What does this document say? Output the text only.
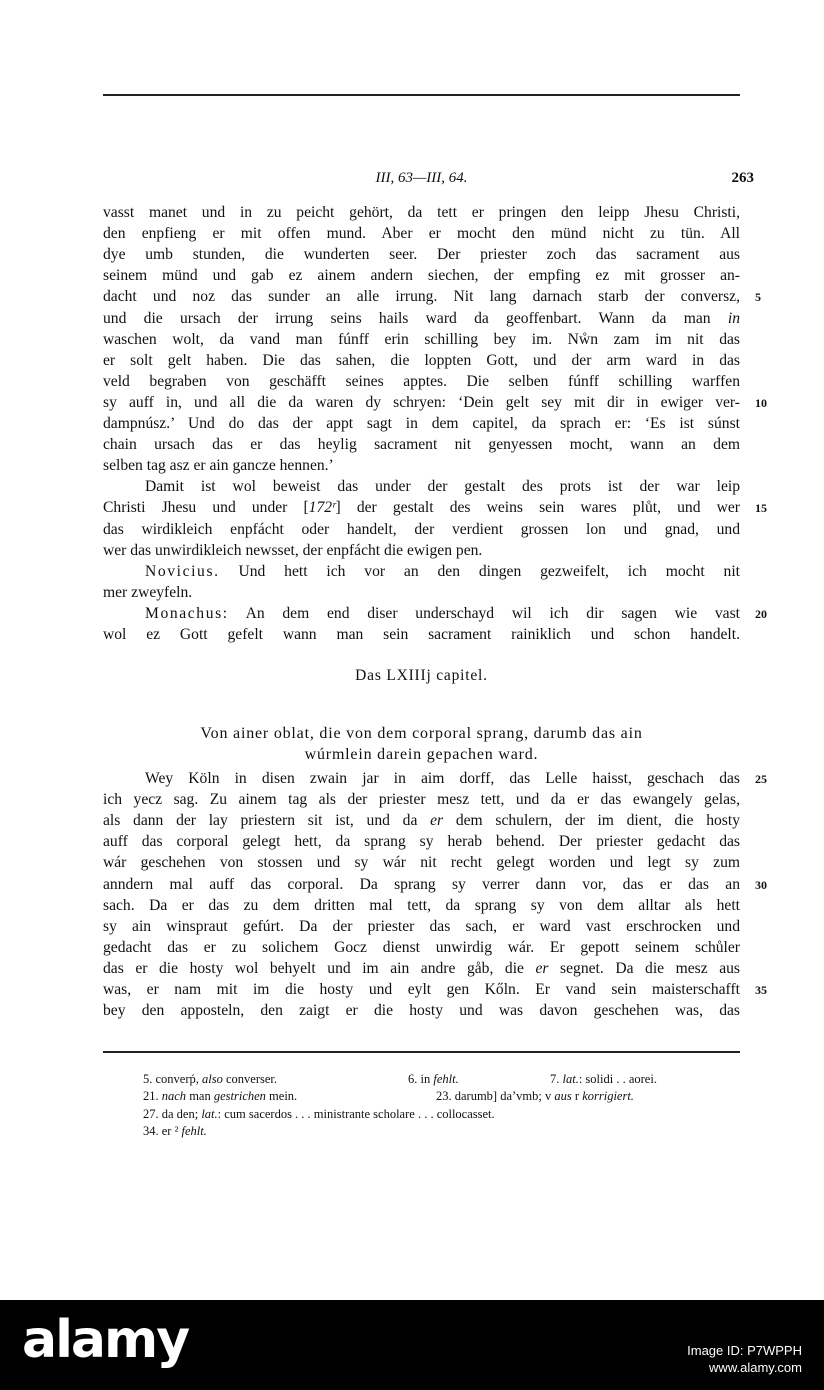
III, 63—III, 64.	263
vasst manet und in zu peicht gehört, da tett er pringen den leipp Jhesu Christi,
den enpfieng er mit offen mund. Aber er mocht den münd nicht zu tün. All
dye umb stunden, die wunderten seer. Der priester zoch das sacrament aus
seinem münd und gab ez ainem andern siechen, der empfing ez mit grosser an-
dacht und noz das sunder an alle irrung. Nit lang darnach starb der conversz, 5
und die ursach der irrung seins hails ward da geoffenbart. Wann da man in
waschen wolt, da vand man fúnff erin schilling bey im. Nẘn zam im nit das
er solt gelt haben. Die das sahen, die loppten Gott, und der arm ward in das
veld begraben von geschäfft seines apptes. Die selben fúnff schilling warffen
sy auff in, und all die da waren dy schryen: ‘Dein gelt sey mit dir in ewiger ver- 10
dampnúsz.’ Und do das der appt sagt in dem capitel, da sprach er: ‘Es ist súnst
chain ursach das er das heylig sacrament nit genyessen mocht, wann an dem
selben tag asz er ain gancze hennen.’
Damit ist wol beweist das under der gestalt des prots ist der war leip
Christi Jhesu und under [172ʳ] der gestalt des weins sein wares plůt, und wer 15
das wirdikleich enpfácht oder handelt, der verdient grossen lon und gnad, und
wer das unwirdikleich newsset, der enpfácht die ewigen pen.
Novicius. Und hett ich vor an den dingen gezweifelt, ich mocht nit
mer zweyfeln.
Monachus: An dem end diser underschayd wil ich dir sagen wie vast 20
wol ez Gott gefelt wann man sein sacrament rainiklich und schon handelt.
Das LXIIIj capitel.
Von ainer oblat, die von dem corporal sprang, darumb das ain
wúrmlein darein gepachen ward.
Wey Köln in disen zwain jar in aim dorff, das Lelle haisst, geschach das 25
ich yecz sag. Zu ainem tag als der priester mesz tett, und da er das ewangely gelas,
als dann der lay priestern sit ist, und da er dem schulern, der im dient, die hosty
auff das corporal gelegt hett, da sprang sy herab behend. Der priester gedacht das
wár geschehen von stossen und sy wár nit recht gelegt worden und legt sy zum
anndern mal auff das corporal. Da sprang sy verrer dann vor, das er das an 30
sach. Da er das zu dem dritten mal tett, da sprang sy von dem alltar als hett
sy ain winspraut gefúrt. Da der priester das sach, er ward vast erschrocken und
gedacht das er zu solichem Gocz dienst unwirdig wár. Er gepott seinem schůler
das er die hosty wol behyelt und im ain andre gåb, die er segnet. Da die mesz aus
was, er nam mit im die hosty und eylt gen Kőln. Er vand sein maisterschafft 35
bey den apposteln, den zaigt er die hosty und was davon geschehen was, das
5. converṕ, also converser.	6. in fehlt.	7. lat.: solidi . . aorei.
21. nach man gestrichen mein.	23. darumb] da’vmb; v aus r korrigiert.
27. da den; lat.: cum sacerdos . . . ministrante scholare . . . collocasset.
34. er ² fehlt.
alamy	Image ID: P7WPPH
www.alamy.com
